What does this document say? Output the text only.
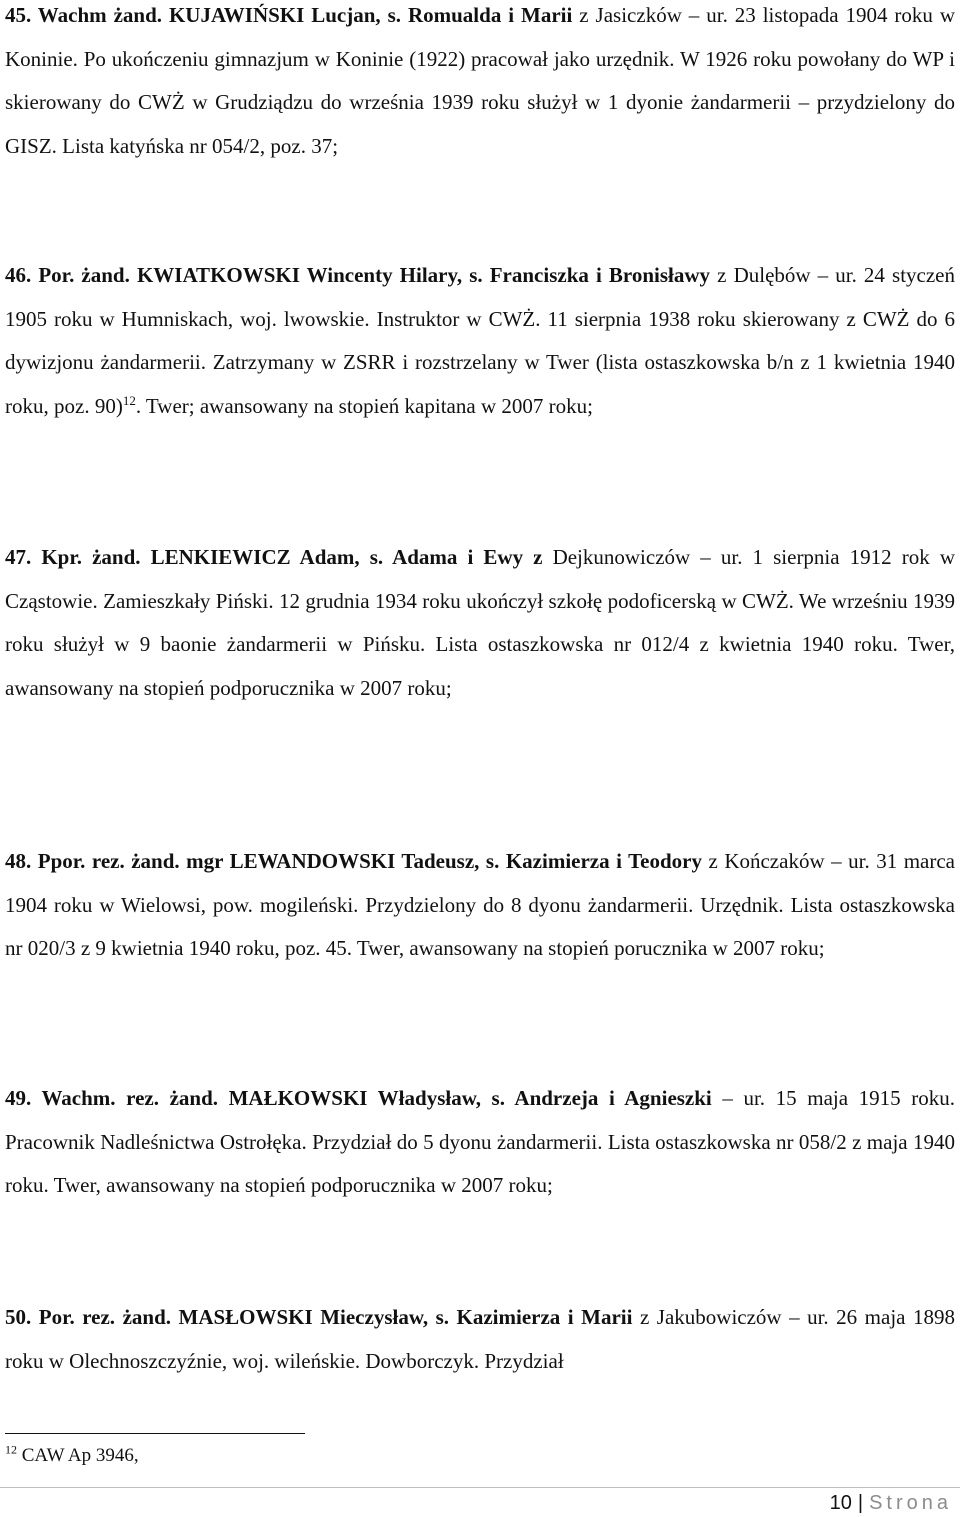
45. Wachm żand. KUJAWIŃSKI Lucjan, s. Romualda i Marii z Jasiczków – ur. 23 listopada 1904 roku w Koninie. Po ukończeniu gimnazjum w Koninie (1922) pracował jako urzędnik. W 1926 roku powołany do WP i skierowany do CWŻ w Grudziądzu do września 1939 roku służył w 1 dyonie żandarmerii – przydzielony do GISZ. Lista katyńska nr 054/2, poz. 37;

46. Por. żand. KWIATKOWSKI Wincenty Hilary, s. Franciszka i Bronisławy z Dulębów – ur. 24 styczeń 1905 roku w Humniskach, woj. lwowskie. Instruktor w CWŻ. 11 sierpnia 1938 roku skierowany z CWŻ do 6 dywizjonu żandarmerii. Zatrzymany w ZSRR i rozstrzelany w Twer (lista ostaszkowska b/n z 1 kwietnia 1940 roku, poz. 90)$^{12}$. Twer; awansowany na stopień kapitana w 2007 roku;

47. Kpr. żand. LENKIEWICZ Adam, s. Adama i Ewy z Dejkunowiczów – ur. 1 sierpnia 1912 rok w Cząstowie. Zamieszkały Piński. 12 grudnia 1934 roku ukończył szkołę podoficerską w CWŻ. We wrześniu 1939 roku służył w 9 baonie żandarmerii w Pińsku. Lista ostaszkowska nr 012/4 z kwietnia 1940 roku. Twer, awansowany na stopień podporucznika w 2007 roku;

48. Ppor. rez. żand. mgr LEWANDOWSKI Tadeusz, s. Kazimierza i Teodory z Kończaków – ur. 31 marca 1904 roku w Wielowsi, pow. mogileński. Przydzielony do 8 dyonu żandarmerii. Urzędnik. Lista ostaszkowska nr 020/3 z 9 kwietnia 1940 roku, poz. 45. Twer, awansowany na stopień porucznika w 2007 roku;

49. Wachm. rez. żand. MAŁKOWSKI Władysław, s. Andrzeja i Agnieszki – ur. 15 maja 1915 roku. Pracownik Nadleśnictwa Ostrołęka. Przydział do 5 dyonu żandarmerii. Lista ostaszkowska nr 058/2 z maja 1940 roku. Twer, awansowany na stopień podporucznika w 2007 roku;

50. Por. rez. żand. MASŁOWSKI Mieczysław, s. Kazimierza i Marii z Jakubowiczów – ur. 26 maja 1898 roku w Olechnoszczyźnie, woj. wileńskie. Dowborczyk. Przydział

$^{12}$ CAW Ap 3946,
10 | Strona
